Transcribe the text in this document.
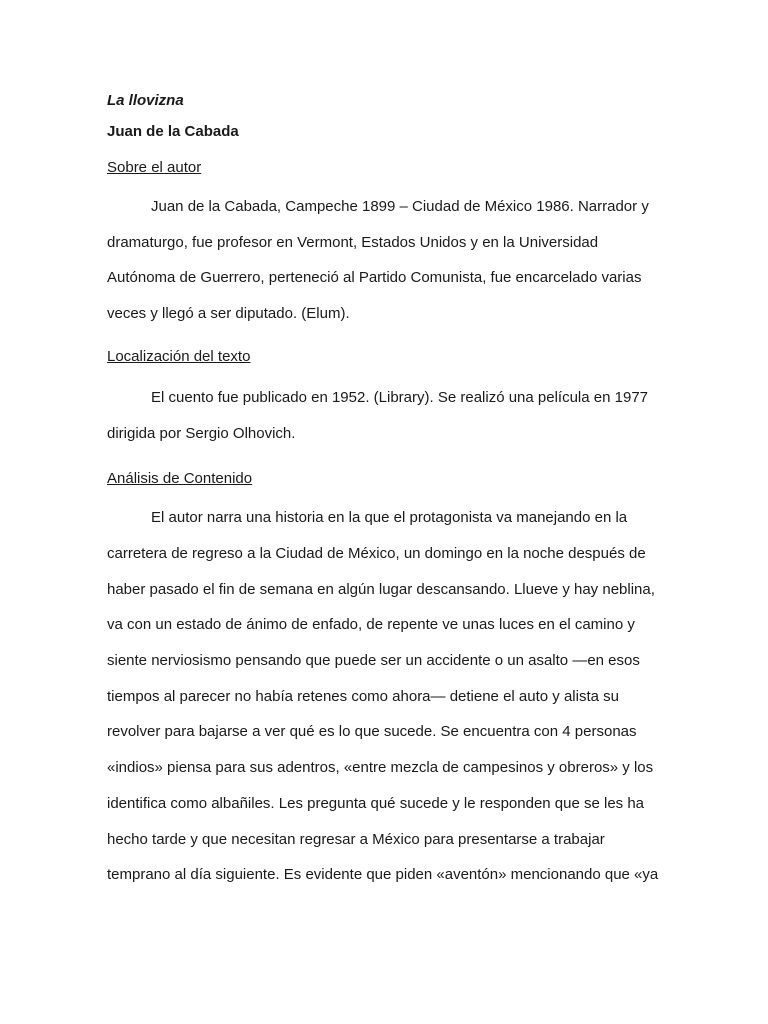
La llovizna

Juan de la Cabada

Sobre el autor

Juan de la Cabada, Campeche 1899 – Ciudad de México 1986. Narrador y
dramaturgo, fue profesor en Vermont, Estados Unidos y en la Universidad
Autónoma de Guerrero, perteneció al Partido Comunista, fue encarcelado varias
veces y llegó a ser diputado. (Elum).

Localización del texto

El cuento fue publicado en 1952. (Library). Se realizó una película en 1977
dirigida por Sergio Olhovich.

Análisis de Contenido

El autor narra una historia en la que el protagonista va manejando en la
carretera de regreso a la Ciudad de México, un domingo en la noche después de
haber pasado el fin de semana en algún lugar descansando. Llueve y hay neblina,
va con un estado de ánimo de enfado, de repente ve unas luces en el camino y
siente nerviosismo pensando que puede ser un accidente o un asalto —en esos
tiempos al parecer no había retenes como ahora— detiene el auto y alista su
revolver para bajarse a ver qué es lo que sucede. Se encuentra con 4 personas
«indios» piensa para sus adentros, «entre mezcla de campesinos y obreros» y los
identifica como albañiles. Les pregunta qué sucede y le responden que se les ha
hecho tarde y que necesitan regresar a México para presentarse a trabajar
temprano al día siguiente. Es evidente que piden «aventón» mencionando que «ya
